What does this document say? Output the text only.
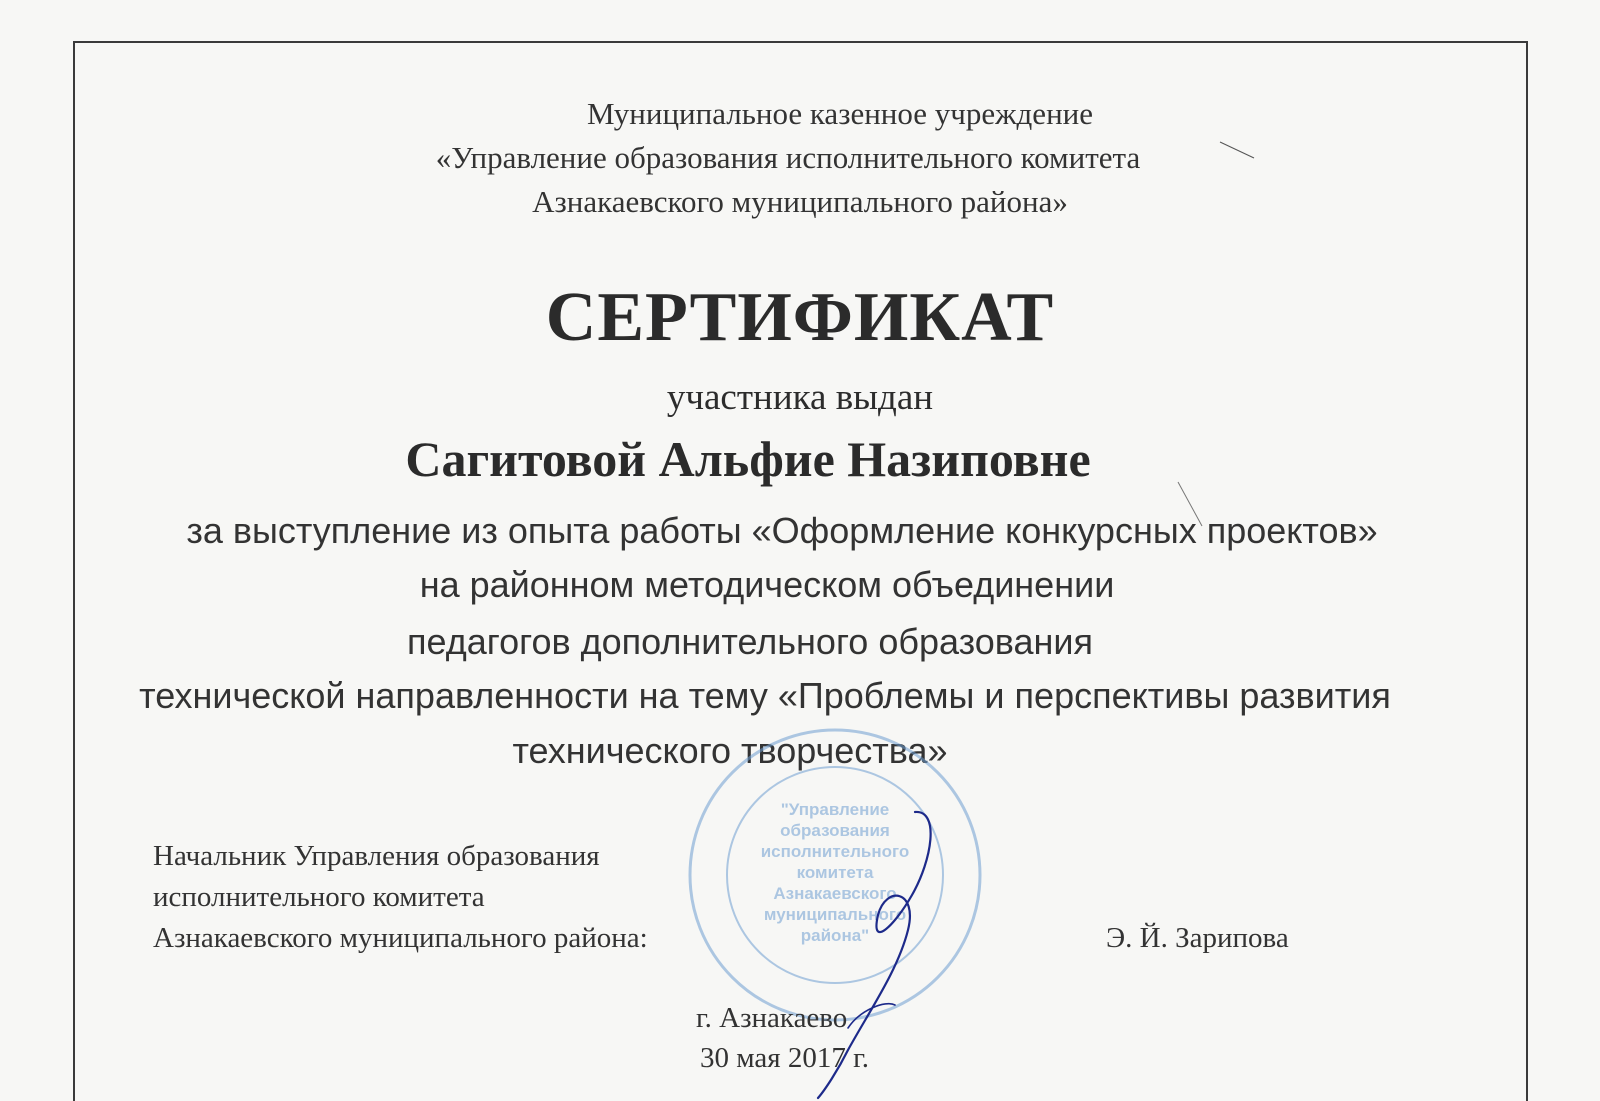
Муниципальное казенное учреждение
«Управление образования исполнительного комитета
Азнакаевского муниципального района»
СЕРТИФИКАТ
участника выдан
Сагитовой Альфие Назиповне
за выступление из опыта работы «Оформление конкурсных проектов»
на районном методическом объединении
педагогов дополнительного образования
технической направленности на тему «Проблемы и перспективы развития
технического творчества»
"Управление
образования
исполнительного
комитета
Азнакаевского
муниципального
района"
Начальник Управления образования
исполнительного комитета
Азнакаевского муниципального района:	Э. Й. Зарипова
г. Азнакаево
30 мая 2017 г.
